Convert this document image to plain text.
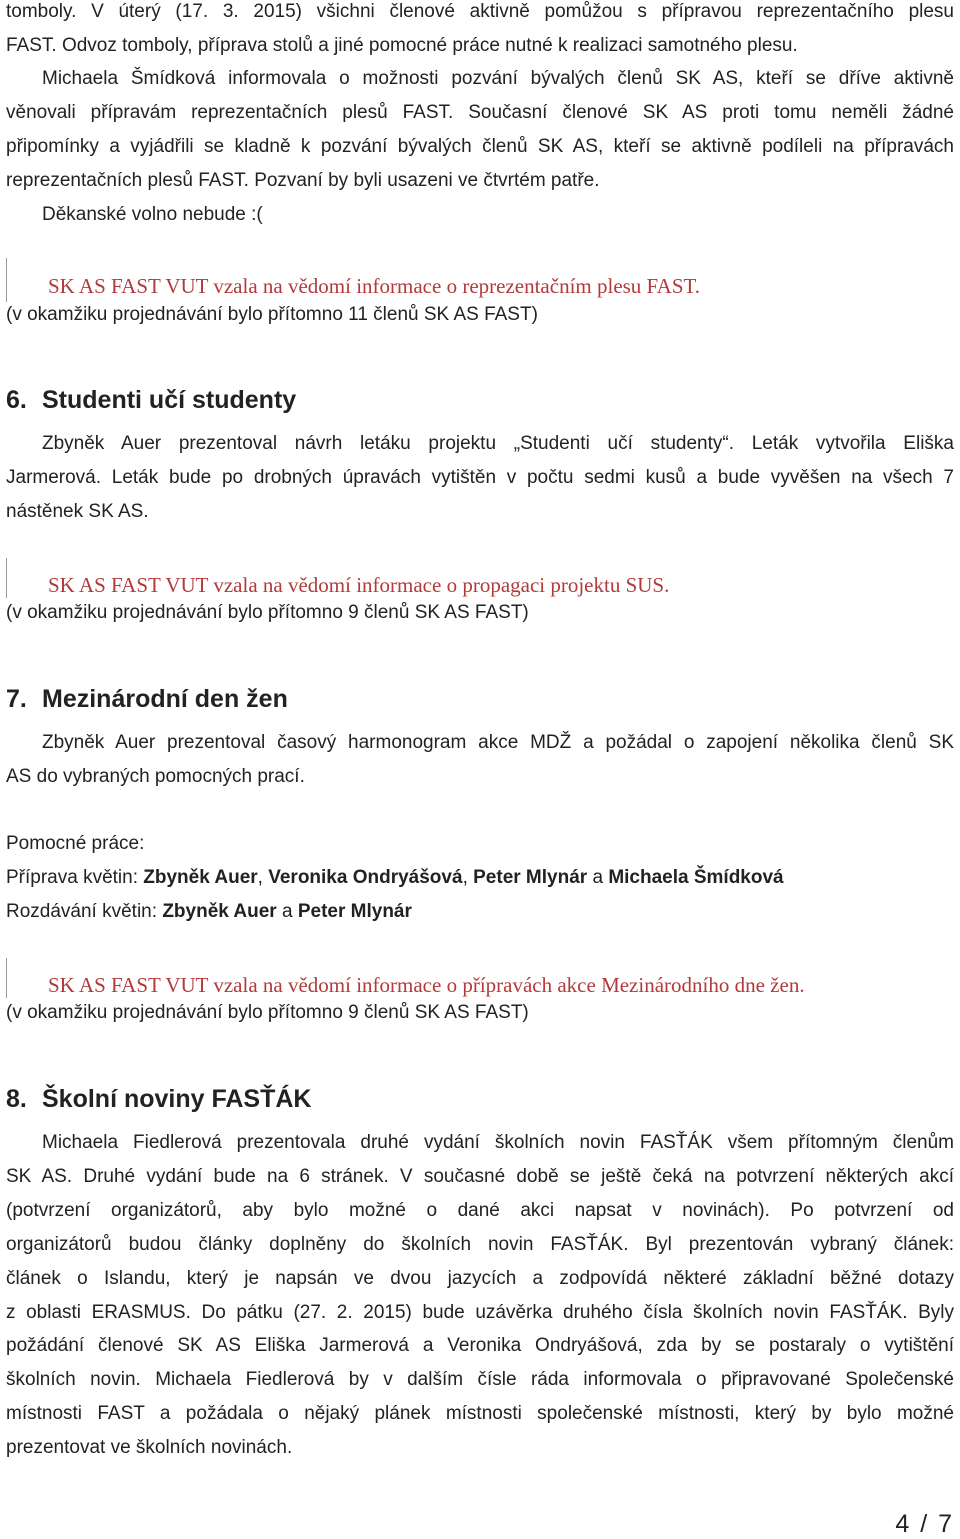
tomboly. V úterý (17. 3. 2015) všichni členové aktivně pomůžou s přípravou reprezentačního plesu
FAST. Odvoz tomboly, příprava stolů a jiné pomocné práce nutné k realizaci samotného plesu.
Michaela Šmídková informovala o možnosti pozvání bývalých členů SK AS, kteří se dříve aktivně
věnovali přípravám reprezentačních plesů FAST. Současní členové SK AS proti tomu neměli žádné
připomínky a vyjádřili se kladně k pozvání bývalých členů SK AS, kteří se aktivně podíleli na přípravách
reprezentačních plesů FAST. Pozvaní by byli usazeni ve čtvrtém patře.
Děkanské volno nebude :(
SK AS FAST VUT vzala na vědomí informace o reprezentačním plesu FAST.
(v okamžiku projednávání bylo přítomno 11 členů SK AS FAST)
6. Studenti učí studenty
Zbyněk Auer prezentoval návrh letáku projektu „Studenti učí studenty“. Leták vytvořila Eliška
Jarmerová. Leták bude po drobných úpravách vytištěn v počtu sedmi kusů a bude vyvěšen na všech 7
nástěnek SK AS.
SK AS FAST VUT vzala na vědomí informace o propagaci projektu SUS.
(v okamžiku projednávání bylo přítomno 9 členů SK AS FAST)
7. Mezinárodní den žen
Zbyněk Auer prezentoval časový harmonogram akce MDŽ a požádal o zapojení několika členů SK
AS do vybraných pomocných prací.
Pomocné práce:
Příprava květin: Zbyněk Auer, Veronika Ondryášová, Peter Mlynár a Michaela Šmídková
Rozdávání květin: Zbyněk Auer a Peter Mlynár
SK AS FAST VUT vzala na vědomí informace o přípravách akce Mezinárodního dne žen.
(v okamžiku projednávání bylo přítomno 9 členů SK AS FAST)
8. Školní noviny FASŤÁK
Michaela Fiedlerová prezentovala druhé vydání školních novin FASŤÁK všem přítomným členům
SK AS. Druhé vydání bude na 6 stránek. V současné době se ještě čeká na potvrzení některých akcí
(potvrzení organizátorů, aby bylo možné o dané akci napsat v novinách). Po potvrzení od
organizátorů budou články doplněny do školních novin FASŤÁK. Byl prezentován vybraný článek:
článek o Islandu, který je napsán ve dvou jazycích a zodpovídá některé základní běžné dotazy
z oblasti ERASMUS. Do pátku (27. 2. 2015) bude uzávěrka druhého čísla školních novin FASŤÁK. Byly
požádání členové SK AS Eliška Jarmerová a Veronika Ondryášová, zda by se postaraly o vytištění
školních novin. Michaela Fiedlerová by v dalším čísle ráda informovala o připravované Společenské
místnosti FAST a požádala o nějaký plánek místnosti společenské místnosti, který by bylo možné
prezentovat ve školních novinách.
4 / 7
